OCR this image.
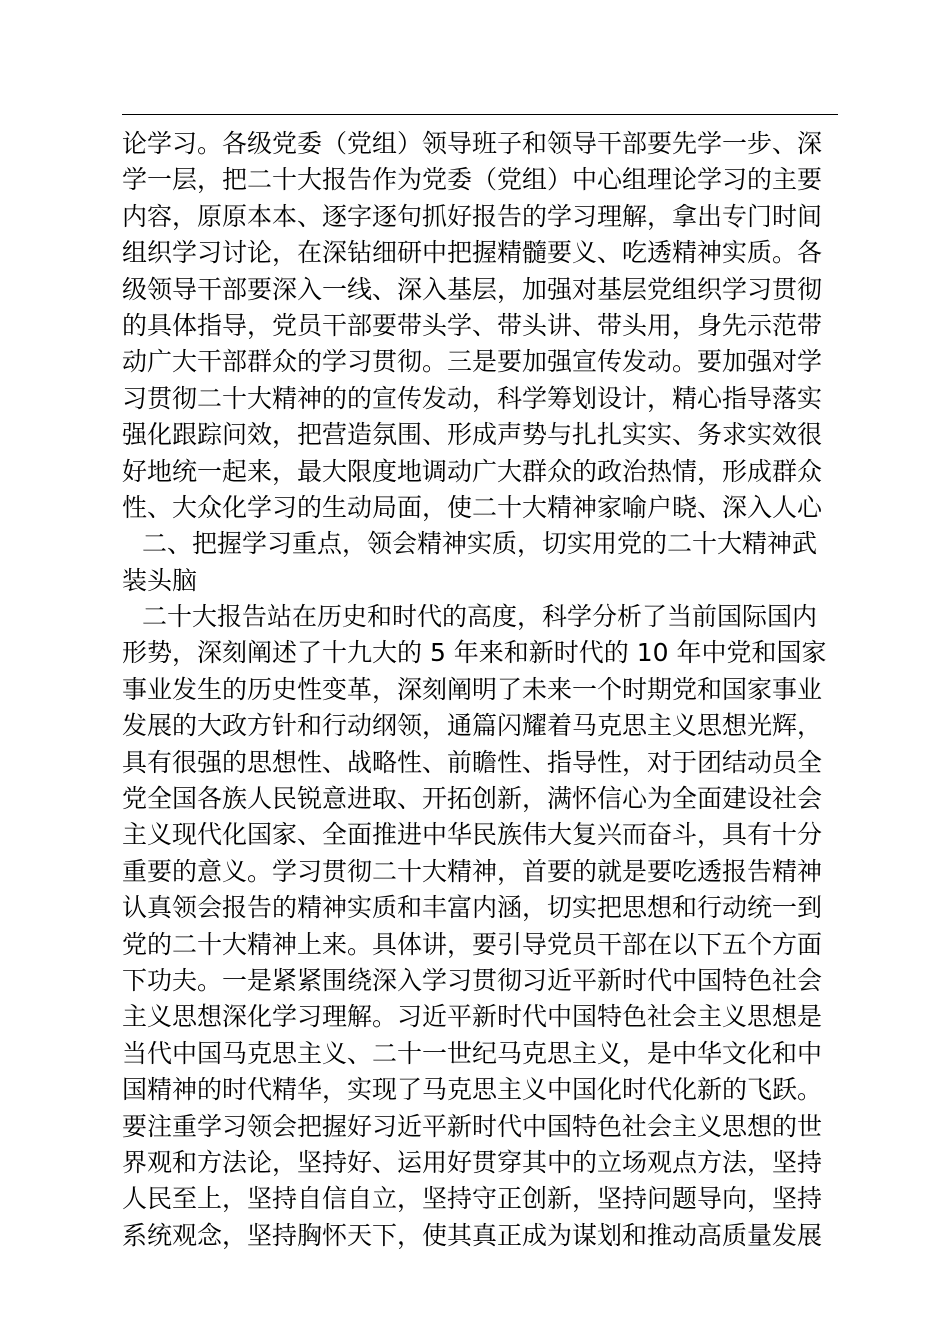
论学习。各级党委（党组）领导班子和领导干部要先学一步、深
学一层，把二十大报告作为党委（党组）中心组理论学习的主要
内容，原原本本、逐字逐句抓好报告的学习理解，拿出专门时间
组织学习讨论，在深钻细研中把握精髓要义、吃透精神实质。各
级领导干部要深入一线、深入基层，加强对基层党组织学习贯彻
的具体指导，党员干部要带头学、带头讲、带头用，身先示范带
动广大干部群众的学习贯彻。三是要加强宣传发动。要加强对学
习贯彻二十大精神的的宣传发动，科学筹划设计，精心指导落实
强化跟踪问效，把营造氛围、形成声势与扎扎实实、务求实效很
好地统一起来，最大限度地调动广大群众的政治热情，形成群众
性、大众化学习的生动局面，使二十大精神家喻户晓、深入人心
二、把握学习重点，领会精神实质，切实用党的二十大精神武
装头脑
二十大报告站在历史和时代的高度，科学分析了当前国际国内
形势，深刻阐述了十九大的 5 年来和新时代的 10 年中党和国家
事业发生的历史性变革，深刻阐明了未来一个时期党和国家事业
发展的大政方针和行动纲领，通篇闪耀着马克思主义思想光辉，
具有很强的思想性、战略性、前瞻性、指导性，对于团结动员全
党全国各族人民锐意进取、开拓创新，满怀信心为全面建设社会
主义现代化国家、全面推进中华民族伟大复兴而奋斗，具有十分
重要的意义。学习贯彻二十大精神，首要的就是要吃透报告精神
认真领会报告的精神实质和丰富内涵，切实把思想和行动统一到
党的二十大精神上来。具体讲，要引导党员干部在以下五个方面
下功夫。一是紧紧围绕深入学习贯彻习近平新时代中国特色社会
主义思想深化学习理解。习近平新时代中国特色社会主义思想是
当代中国马克思主义、二十一世纪马克思主义，是中华文化和中
国精神的时代精华，实现了马克思主义中国化时代化新的飞跃。
要注重学习领会把握好习近平新时代中国特色社会主义思想的世
界观和方法论，坚持好、运用好贯穿其中的立场观点方法，坚持
人民至上，坚持自信自立，坚持守正创新，坚持问题导向，坚持
系统观念，坚持胸怀天下，使其真正成为谋划和推动高质量发展
